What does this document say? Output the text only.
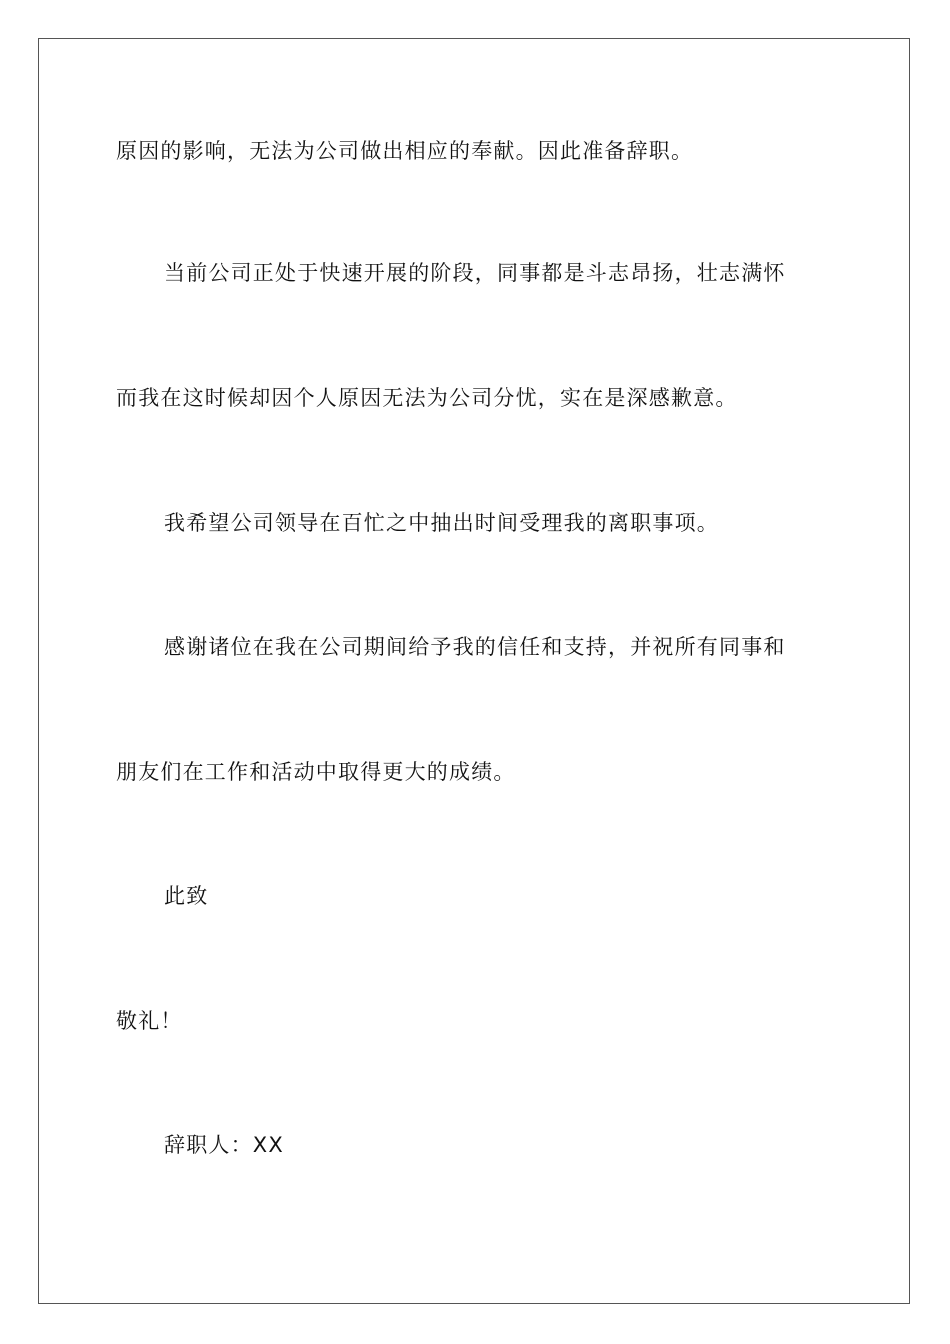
原因的影响，无法为公司做出相应的奉献。因此准备辞职。
当前公司正处于快速开展的阶段，同事都是斗志昂扬，壮志满怀
而我在这时候却因个人原因无法为公司分忧，实在是深感歉意。
我希望公司领导在百忙之中抽出时间受理我的离职事项。
感谢诸位在我在公司期间给予我的信任和支持，并祝所有同事和
朋友们在工作和活动中取得更大的成绩。
此致
敬礼！
辞职人：XX
